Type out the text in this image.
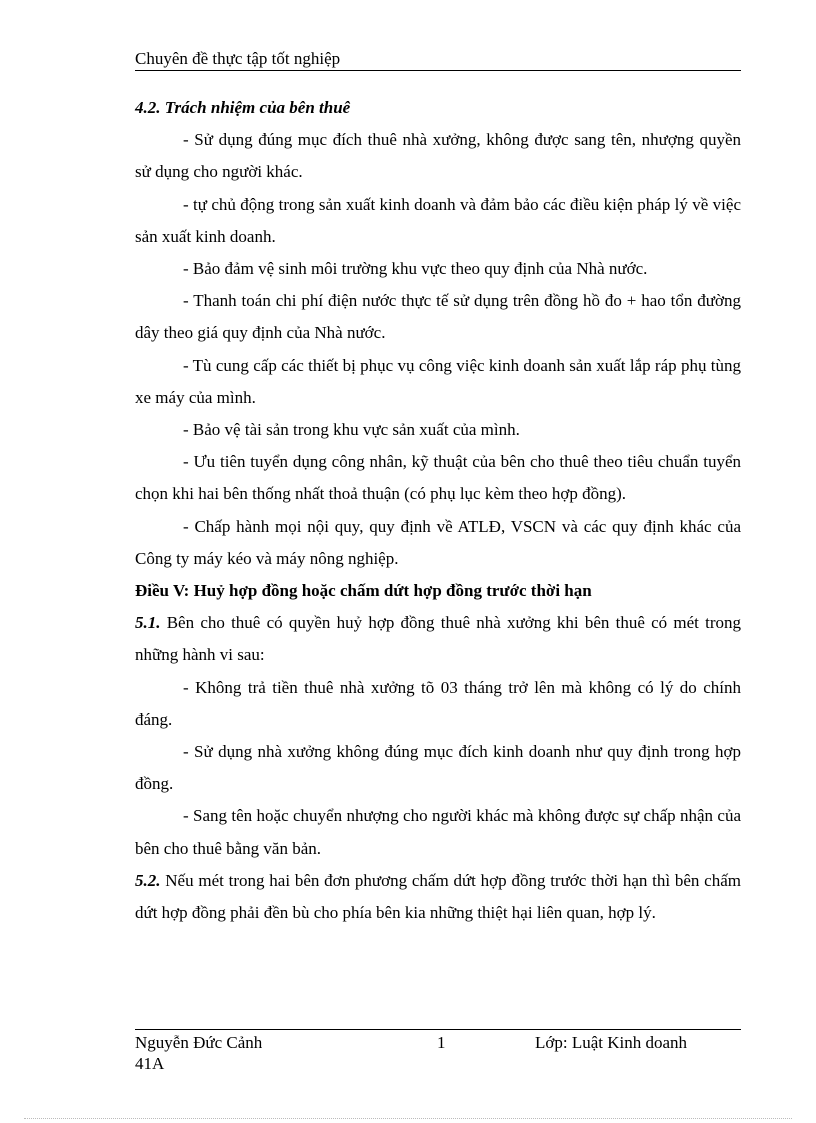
Chuyên đề thực tập tốt nghiệp

4.2. Trách nhiệm của bên thuê

- Sử dụng đúng mục đích thuê nhà xưởng, không được sang tên, nhượng quyền sử dụng cho người khác.

- tự chủ động trong sản xuất kinh doanh và đảm bảo các điều kiện pháp lý về việc sản xuất kinh doanh.

- Bảo đảm vệ sinh môi trường khu vực theo quy định của Nhà nước.

- Thanh toán chi phí điện nước thực tế sử dụng trên đồng hồ đo + hao tổn đường dây theo giá quy định của Nhà nước.

- Tù cung cấp các thiết bị phục vụ công việc kinh doanh sản xuất lắp ráp phụ tùng xe máy của mình.

- Bảo vệ tài sản trong khu vực sản xuất của mình.

- Ưu tiên tuyển dụng công nhân, kỹ thuật của bên cho thuê theo tiêu chuẩn tuyển chọn khi hai bên thống nhất thoả thuận (có phụ lục kèm theo hợp đồng).

- Chấp hành mọi nội quy, quy định về ATLĐ, VSCN và các quy định khác của Công ty máy kéo và máy nông nghiệp.

Điều V: Huỷ hợp đồng hoặc chấm dứt hợp đồng trước thời hạn

5.1. Bên cho thuê có quyền huỷ hợp đồng thuê nhà xưởng khi bên thuê có mét trong những hành vi sau:

- Không trả tiền thuê nhà xưởng tõ 03 tháng trở lên mà không có lý do chính đáng.

- Sử dụng nhà xưởng không đúng mục đích kinh doanh như quy định trong hợp đồng.

- Sang tên hoặc chuyển nhượng cho người khác mà không được sự chấp nhận của bên cho thuê bằng văn bản.

5.2. Nếu mét trong hai bên đơn phương chấm dứt hợp đồng trước thời hạn thì bên chấm dứt hợp đồng phải đền bù cho phía bên kia những thiệt hại liên quan, hợp lý.

Nguyễn Đức Cảnh 41A
1	Lớp: Luật Kinh doanh
